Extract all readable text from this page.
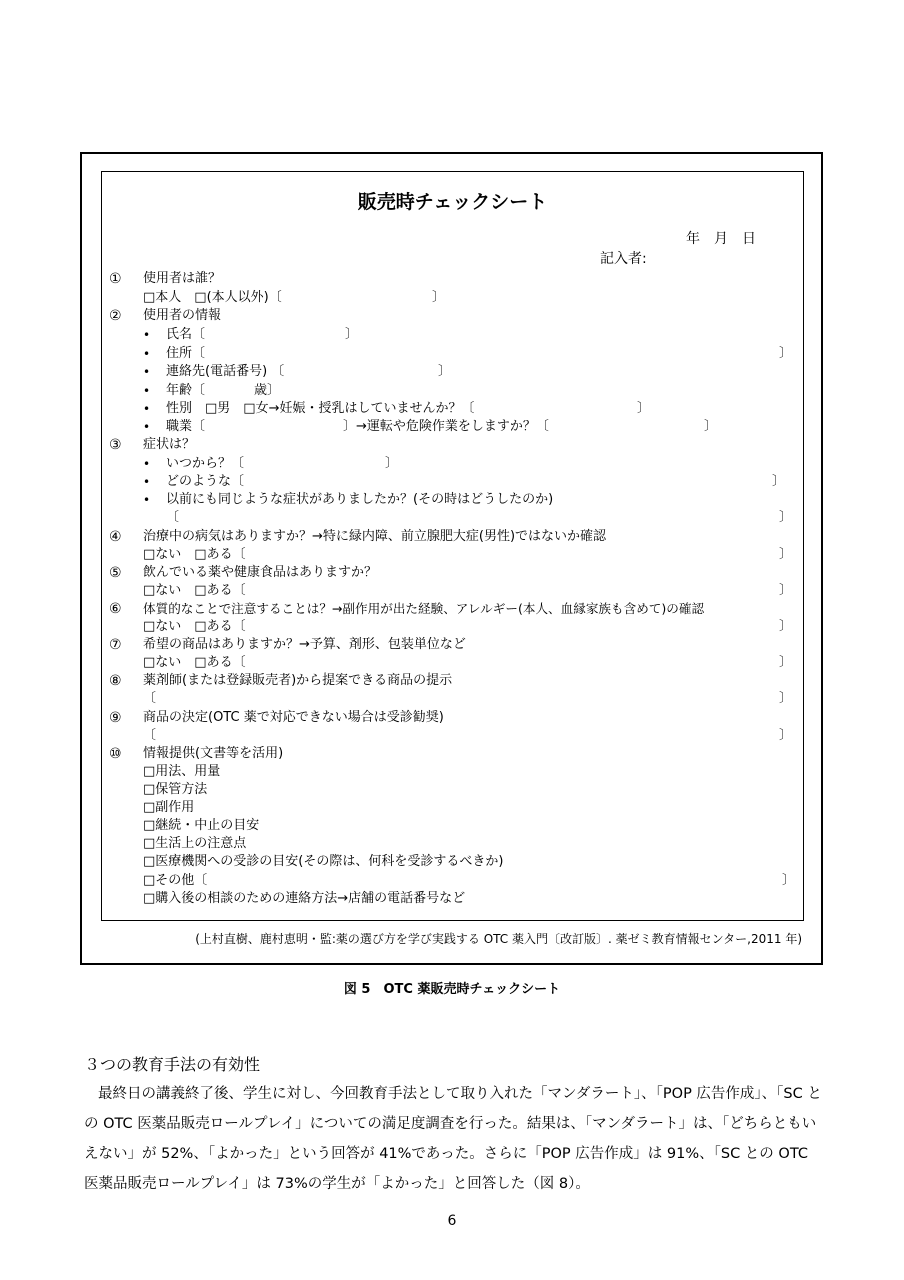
販売時チェックシート
年　月　日
記入者:
① 使用者は誰？
□本人　□(本人以外)〔	〕
② 使用者の情報
• 氏名〔	〕
• 住所〔	〕
• 連絡先(電話番号) 〔	〕
• 年齢〔	歳〕
• 性別　□男　□女→妊娠・授乳はしていませんか？〔	〕
• 職業〔	〕→運転や危険作業をしますか？〔	〕
③ 症状は？
• いつから？〔	〕
• どのような〔	〕
• 以前にも同じような症状がありましたか？(その時はどうしたのか)
〔	〕
④ 治療中の病気はありますか？→特に緑内障、前立腺肥大症(男性)ではないか確認
□ない　□ある〔	〕
⑤ 飲んでいる薬や健康食品はありますか？
□ない　□ある〔	〕
⑥ 体質的なことで注意することは？→副作用が出た経験、アレルギー(本人、血縁家族も含めて)の確認
□ない　□ある〔	〕
⑦ 希望の商品はありますか？→予算、剤形、包装単位など
□ない　□ある〔	〕
⑧ 薬剤師(または登録販売者)から提案できる商品の提示
〔	〕
⑨ 商品の決定(OTC 薬で対応できない場合は受診勧奨)
〔	〕
⑩ 情報提供(文書等を活用)
□用法、用量
□保管方法
□副作用
□継続・中止の目安
□生活上の注意点
□医療機関への受診の目安(その際は、何科を受診するべきか)
□その他〔	〕
□購入後の相談のための連絡方法→店舗の電話番号など
(上村直樹、鹿村恵明・監:薬の選び方を学び実践する OTC 薬入門〔改訂版〕. 薬ゼミ教育情報センター,2011 年)
図 5　OTC 薬販売時チェックシート
３つの教育手法の有効性
最終日の講義終了後、学生に対し、今回教育手法として取り入れた「マンダラート」、「POP 広告作成」、「SC との OTC 医薬品販売ロールプレイ」についての満足度調査を行った。結果は、「マンダラート」は、「どちらともいえない」が 52%、「よかった」という回答が 41%であった。さらに「POP 広告作成」は 91%、「SC との OTC 医薬品販売ロールプレイ」は 73%の学生が「よかった」と回答した（図 8）。
6
